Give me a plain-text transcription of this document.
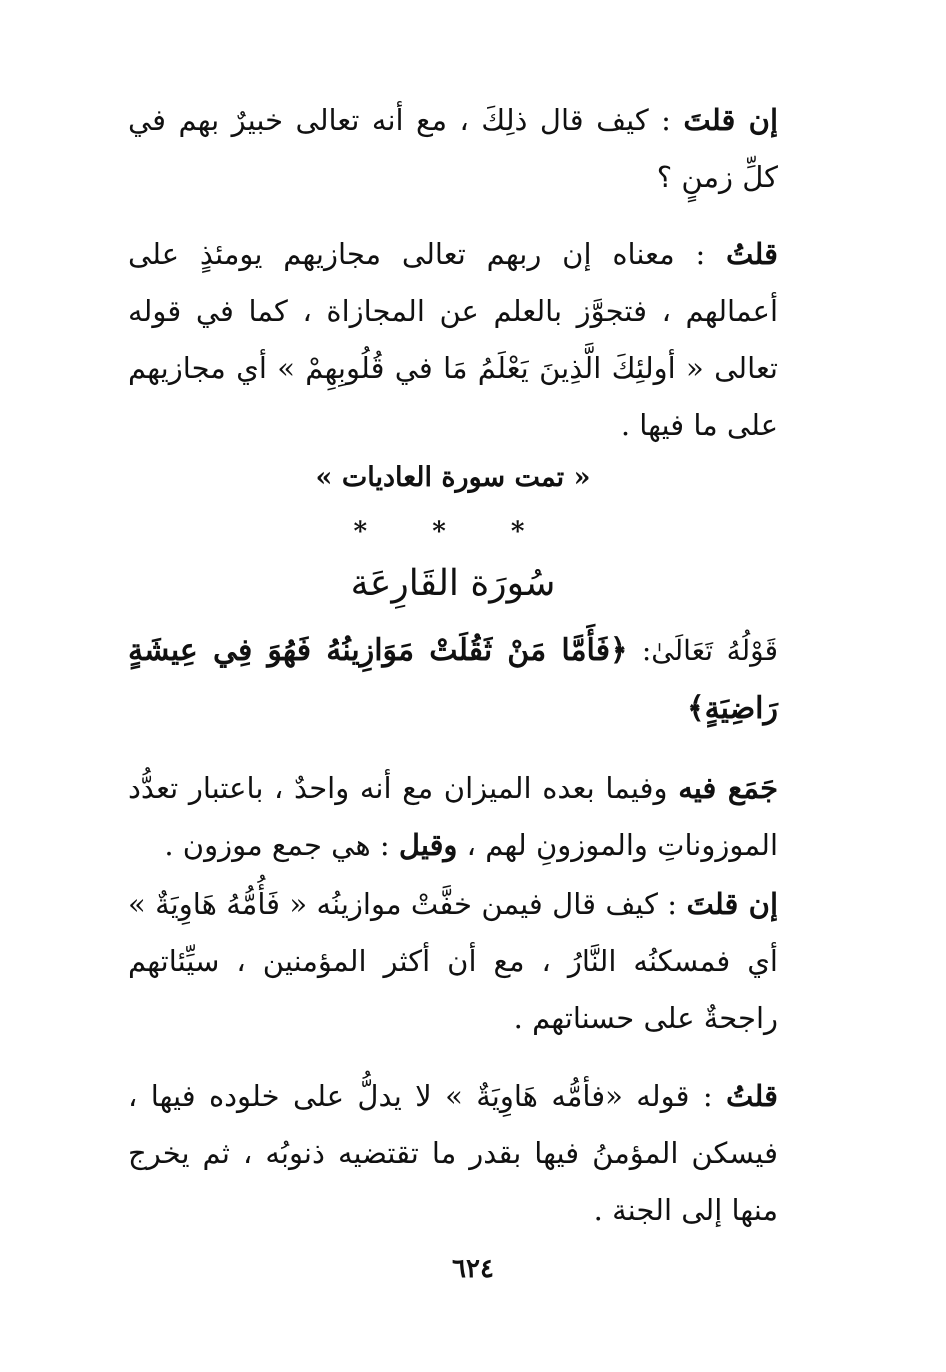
إن قلتَ : كيف قال ذلِكَ ، مع أنه تعالى خبيرٌ بهم في كلِّ زمنٍ ؟

قلتُ : معناه إن ربهم تعالى مجازيهم يومئذٍ على أعمالهم ، فتجوَّز بالعلم عن المجازاة ، كما في قوله تعالى « أولئِكَ الَّذِينَ يَعْلَمُ مَا في قُلُوبِهِمْ » أي مجازيهم على ما فيها .

« تمت سورة العاديات »

* * *

سُورَة القَارِعَة

قَوْلُهُ تَعَالَىٰ: ﴿فَأَمَّا مَنْ ثَقُلَتْ مَوَازِينُهُ فَهُوَ فِي عِيشَةٍ رَاضِيَةٍ﴾

جَمَع فيه وفيما بعده الميزان مع أنه واحدٌ ، باعتبار تعدُّد الموزوناتِ والموزونِ لهم ، وقيل : هي جمع موزون .

إن قلتَ : كيف قال فيمن خفَّتْ موازينُه « فَأُمُّهُ هَاوِيَةٌ » أي فمسكنُه النَّارُ ، مع أن أكثر المؤمنين ، سيِّئاتهم راجحةٌ على حسناتهم .

قلتُ : قوله «فأمُّه هَاوِيَةٌ » لا يدلُّ على خلوده فيها ، فيسكن المؤمنُ فيها بقدر ما تقتضيه ذنوبُه ، ثم يخرج منها إلى الجنة .

٦٢٤
